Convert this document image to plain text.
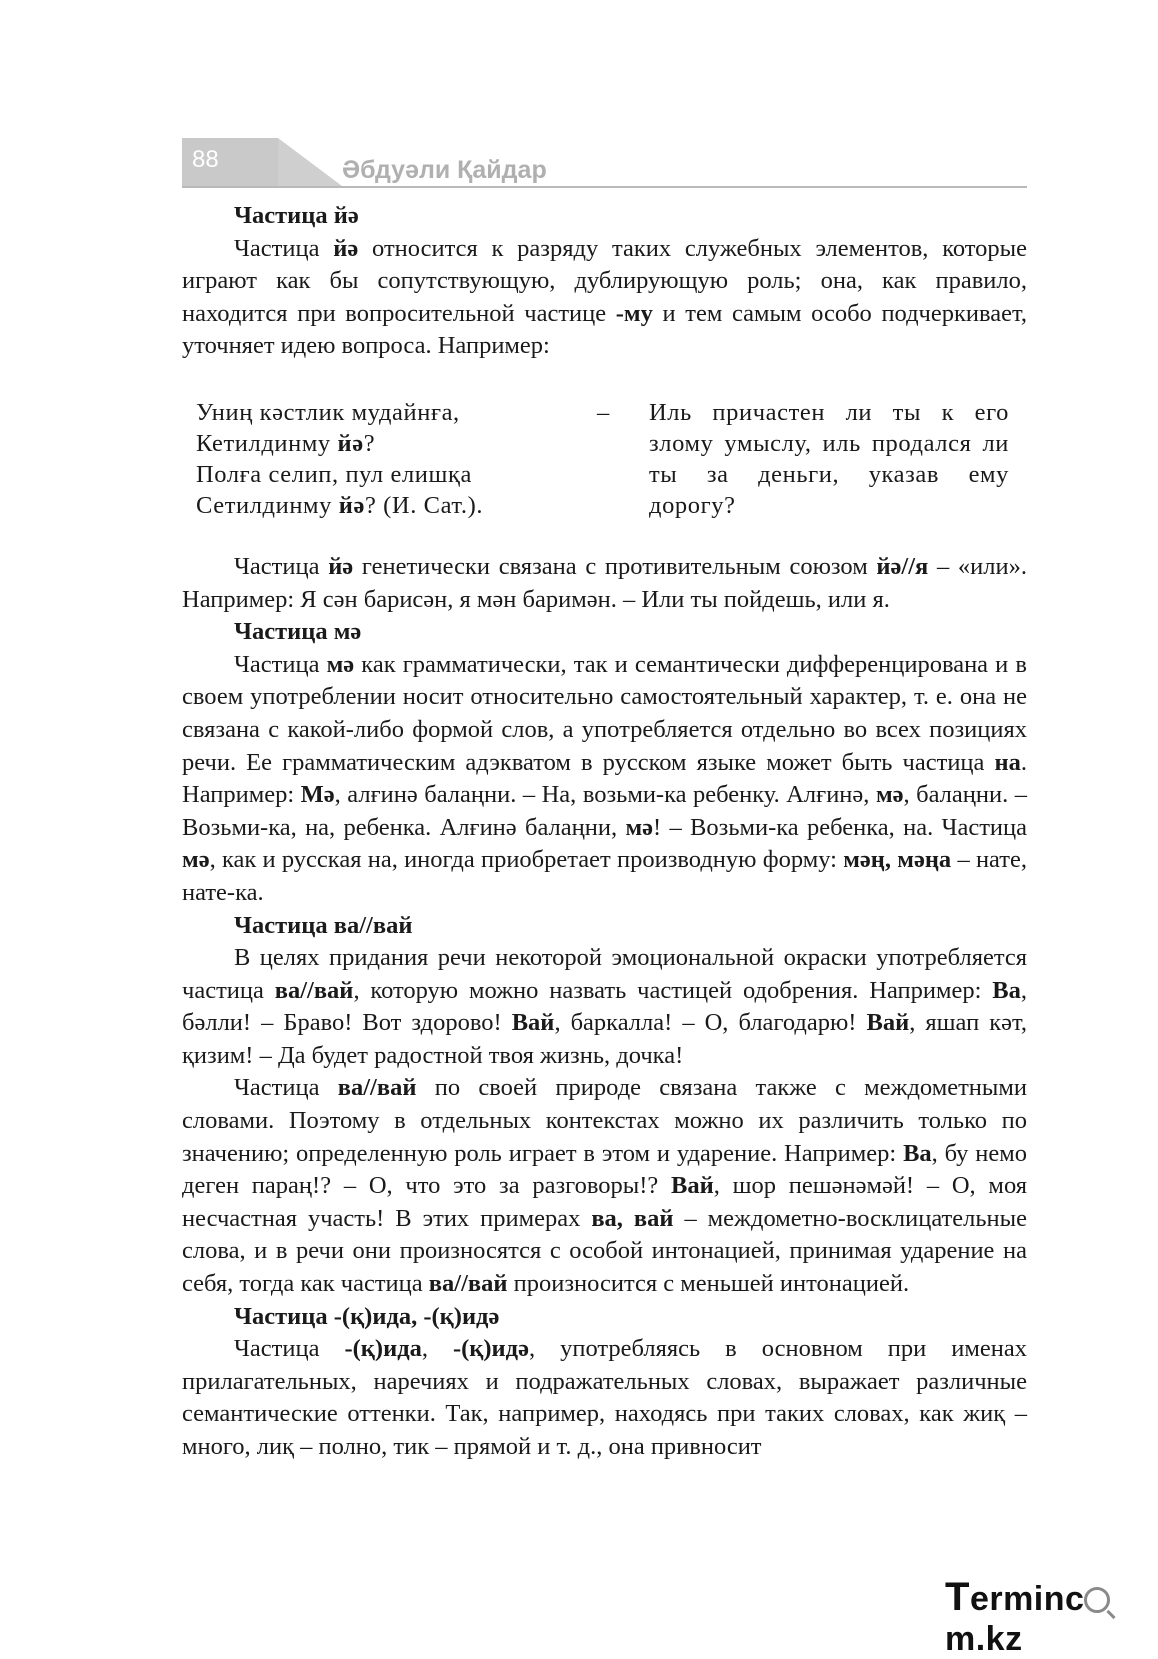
88	Әбдуәли Қайдар
Частица йә

Частица йә относится к разряду таких служебных элементов, которые играют как бы сопутствующую, дублирующую роль; она, как правило, находится при вопросительной частице -му и тем самым особо подчеркивает, уточняет идею вопроса. Например:

Униң кәстлик мудайнға,
Кетилдинму йә?
Полға селип, пул елишқа
Сетилдинму йә? (И. Сат.).
–	Иль причастен ли ты к его злому умыслу, иль продался ли ты за деньги, указав ему дорогу?

Частица йә генетически связана с противительным союзом йә//я – «или». Например: Я сән барисән, я мән баримән. – Или ты пойдешь, или я.

Частица мә

Частица мә как грамматически, так и семантически дифференцирована и в своем употреблении носит относительно самостоятельный характер, т. е. она не связана с какой-либо формой слов, а употребляется отдельно во всех позициях речи. Ее грамматическим адэкватом в русском языке может быть частица на. Например: Мә, алғинә балаңни. – На, возьми-ка ребенку. Алғинә, мә, балаңни. – Возьми-ка, на, ребенка. Алғинә балаңни, мә! – Возьми-ка ребенка, на. Частица мә, как и русская на, иногда приобретает производную форму: мәң, мәңа – нате, нате-ка.

Частица ва//вай

В целях придания речи некоторой эмоциональной окраски употребляется частица ва//вай, которую можно назвать частицей одобрения. Например: Ва, бәлли! – Браво! Вот здорово! Вай, баркалла! – О, благодарю! Вай, яшап кәт, қизим! – Да будет радостной твоя жизнь, дочка!

Частица ва//вай по своей природе связана также с междометными словами. Поэтому в отдельных контекстах можно их различить только по значению; определенную роль играет в этом и ударение. Например: Ва, бу немо деген параң!? – О, что это за разговоры!? Вай, шор пешәнәмәй! – О, моя несчастная участь! В этих примерах ва, вай – междометно-восклицательные слова, и в речи они произносятся с особой интонацией, принимая ударение на себя, тогда как частица ва//вай произносится с меньшей интонацией.

Частица -(қ)ида, -(қ)идә

Частица -(қ)ида, -(қ)идә, употребляясь в основном при именах прилагательных, наречиях и подражательных словах, выражает различные семантические оттенки. Так, например, находясь при таких словах, как жиқ – много, лиқ – полно, тик – прямой и т. д., она привносит

Termincm.kz
